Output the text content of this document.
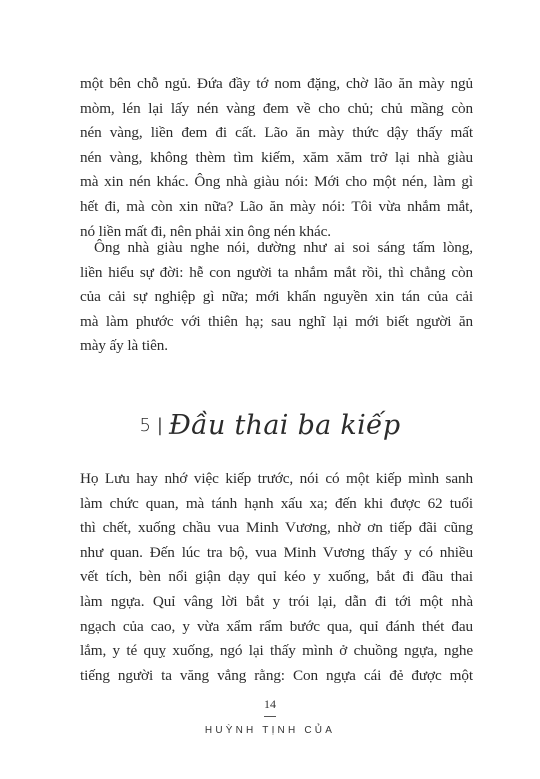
một bên chỗ ngủ. Đứa đầy tớ nom đặng, chờ lão ăn mày ngủ
mòm, lén lại lấy nén vàng đem về cho chủ; chủ mầng còn
nén vàng, liền đem đi cất. Lão ăn mày thức dậy thấy mất
nén vàng, không thèm tìm kiếm, xăm xăm trở lại nhà giàu
mà xin nén khác. Ông nhà giàu nói: Mới cho một nén, làm gì
hết đi, mà còn xin nữa? Lão ăn mày nói: Tôi vừa nhắm mắt,
nó liền mất đi, nên phải xin ông nén khác.
Ông nhà giàu nghe nói, dường như ai soi sáng tấm lòng,
liền hiểu sự đời: hễ con người ta nhắm mắt rồi, thì chẳng còn
của cải sự nghiệp gì nữa; mới khẩn nguyền xin tán của cải
mà làm phước với thiên hạ; sau nghĩ lại mới biết người ăn
mày ấy là tiên.
5 | Đầu thai ba kiếp
Họ Lưu hay nhớ việc kiếp trước, nói có một kiếp mình sanh
làm chức quan, mà tánh hạnh xấu xa; đến khi được 62 tuổi
thì chết, xuống chầu vua Minh Vương, nhờ ơn tiếp đãi cũng
như quan. Đến lúc tra bộ, vua Minh Vương thấy y có nhiều
vết tích, bèn nổi giận dạy quỉ kéo y xuống, bắt đi đầu thai
làm ngựa. Quỉ vâng lời bắt y trói lại, dẫn đi tới một nhà
ngạch của cao, y vừa xẩm rẩm bước qua, quỉ đánh thét đau
lắm, y té quỵ xuống, ngó lại thấy mình ở chuồng ngựa, nghe
tiếng người ta văng vẳng rằng: Con ngựa cái đẻ được một
14
HUỲNH TỊNH CỦA
